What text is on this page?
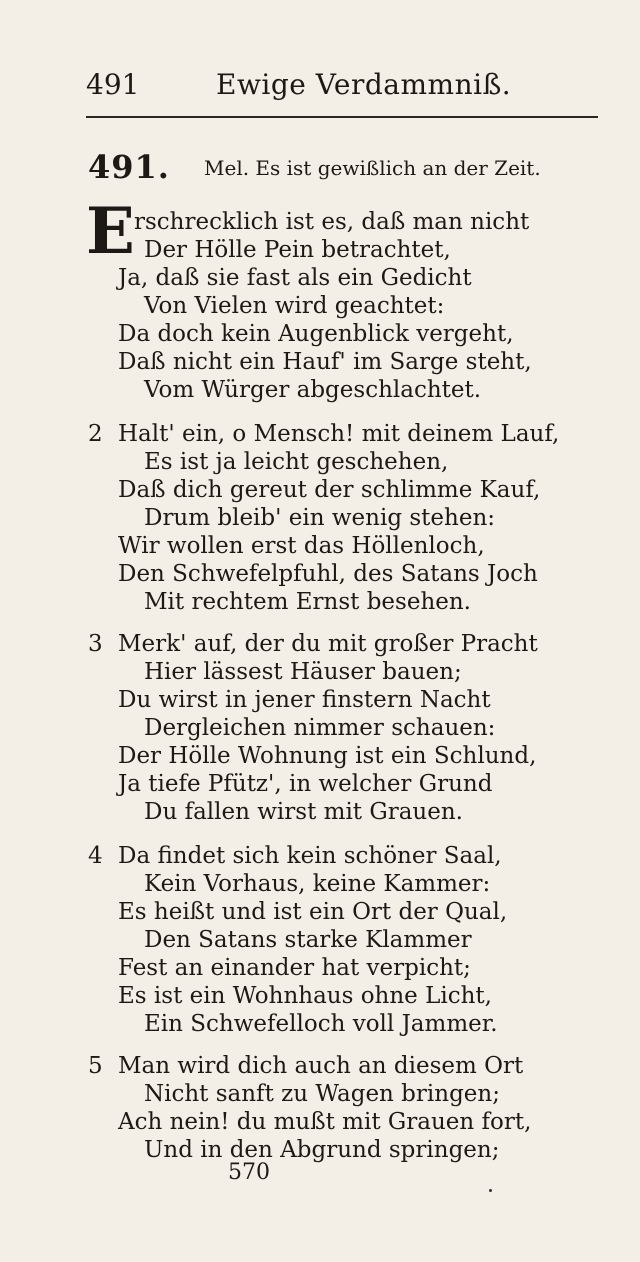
491	Ewige Verdammniß.
491. Mel. Es ist gewißlich an der Zeit.
E rschrecklich ist es, daß man nicht
Der Hölle Pein betrachtet,
Ja, daß sie fast als ein Gedicht
Von Vielen wird geachtet:
Da doch kein Augenblick vergeht,
Daß nicht ein Hauf' im Sarge steht,
Vom Würger abgeschlachtet.
2 Halt' ein, o Mensch! mit deinem Lauf,
Es ist ja leicht geschehen,
Daß dich gereut der schlimme Kauf,
Drum bleib' ein wenig stehen:
Wir wollen erst das Höllenloch,
Den Schwefelpfuhl, des Satans Joch
Mit rechtem Ernst besehen.
3 Merk' auf, der du mit großer Pracht
Hier lässest Häuser bauen;
Du wirst in jener finstern Nacht
Dergleichen nimmer schauen:
Der Hölle Wohnung ist ein Schlund,
Ja tiefe Pfütz', in welcher Grund
Du fallen wirst mit Grauen.
4 Da findet sich kein schöner Saal,
Kein Vorhaus, keine Kammer:
Es heißt und ist ein Ort der Qual,
Den Satans starke Klammer
Fest an einander hat verpicht;
Es ist ein Wohnhaus ohne Licht,
Ein Schwefelloch voll Jammer.
5 Man wird dich auch an diesem Ort
Nicht sanft zu Wagen bringen;
Ach nein! du mußt mit Grauen fort,
Und in den Abgrund springen;
570
